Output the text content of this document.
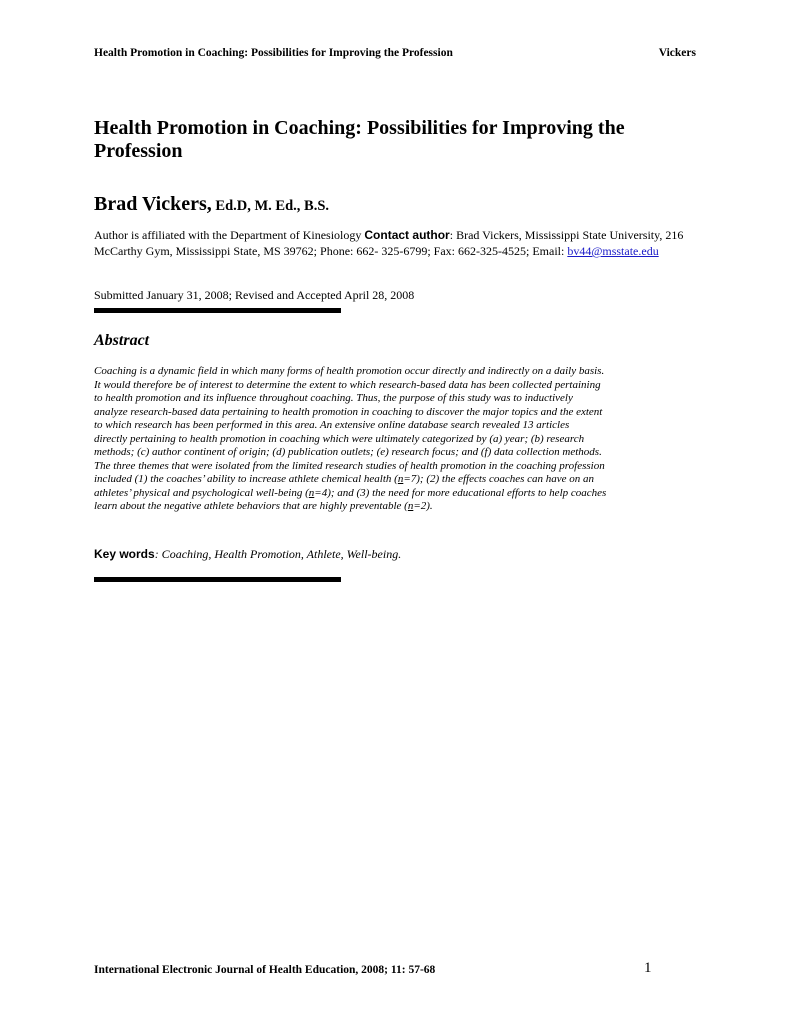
Health Promotion in Coaching: Possibilities for Improving the Profession	Vickers
Health Promotion in Coaching: Possibilities for Improving the Profession
Brad Vickers, Ed.D, M. Ed., B.S.

Author is affiliated with the Department of Kinesiology Contact author: Brad Vickers, Mississippi State University, 216 McCarthy Gym, Mississippi State, MS 39762; Phone: 662- 325-6799; Fax: 662-325-4525; Email: bv44@msstate.edu

Submitted January 31, 2008; Revised and Accepted April 28, 2008
Abstract

Coaching is a dynamic field in which many forms of health promotion occur directly and indirectly on a daily basis.
It would therefore be of interest to determine the extent to which research-based data has been collected pertaining
to health promotion and its influence throughout coaching. Thus, the purpose of this study was to inductively
analyze research-based data pertaining to health promotion in coaching to discover the major topics and the extent
to which research has been performed in this area. An extensive online database search revealed 13 articles
directly pertaining to health promotion in coaching which were ultimately categorized by (a) year; (b) research
methods; (c) author continent of origin; (d) publication outlets; (e) research focus; and (f) data collection methods.
The three themes that were isolated from the limited research studies of health promotion in the coaching profession
included (1) the coaches’ ability to increase athlete chemical health (n=7); (2) the effects coaches can have on an
athletes’ physical and psychological well-being (n=4); and (3) the need for more educational efforts to help coaches
learn about the negative athlete behaviors that are highly preventable (n=2).

Key words: Coaching, Health Promotion, Athlete, Well-being.
International Electronic Journal of Health Education, 2008; 11: 57-68	1
